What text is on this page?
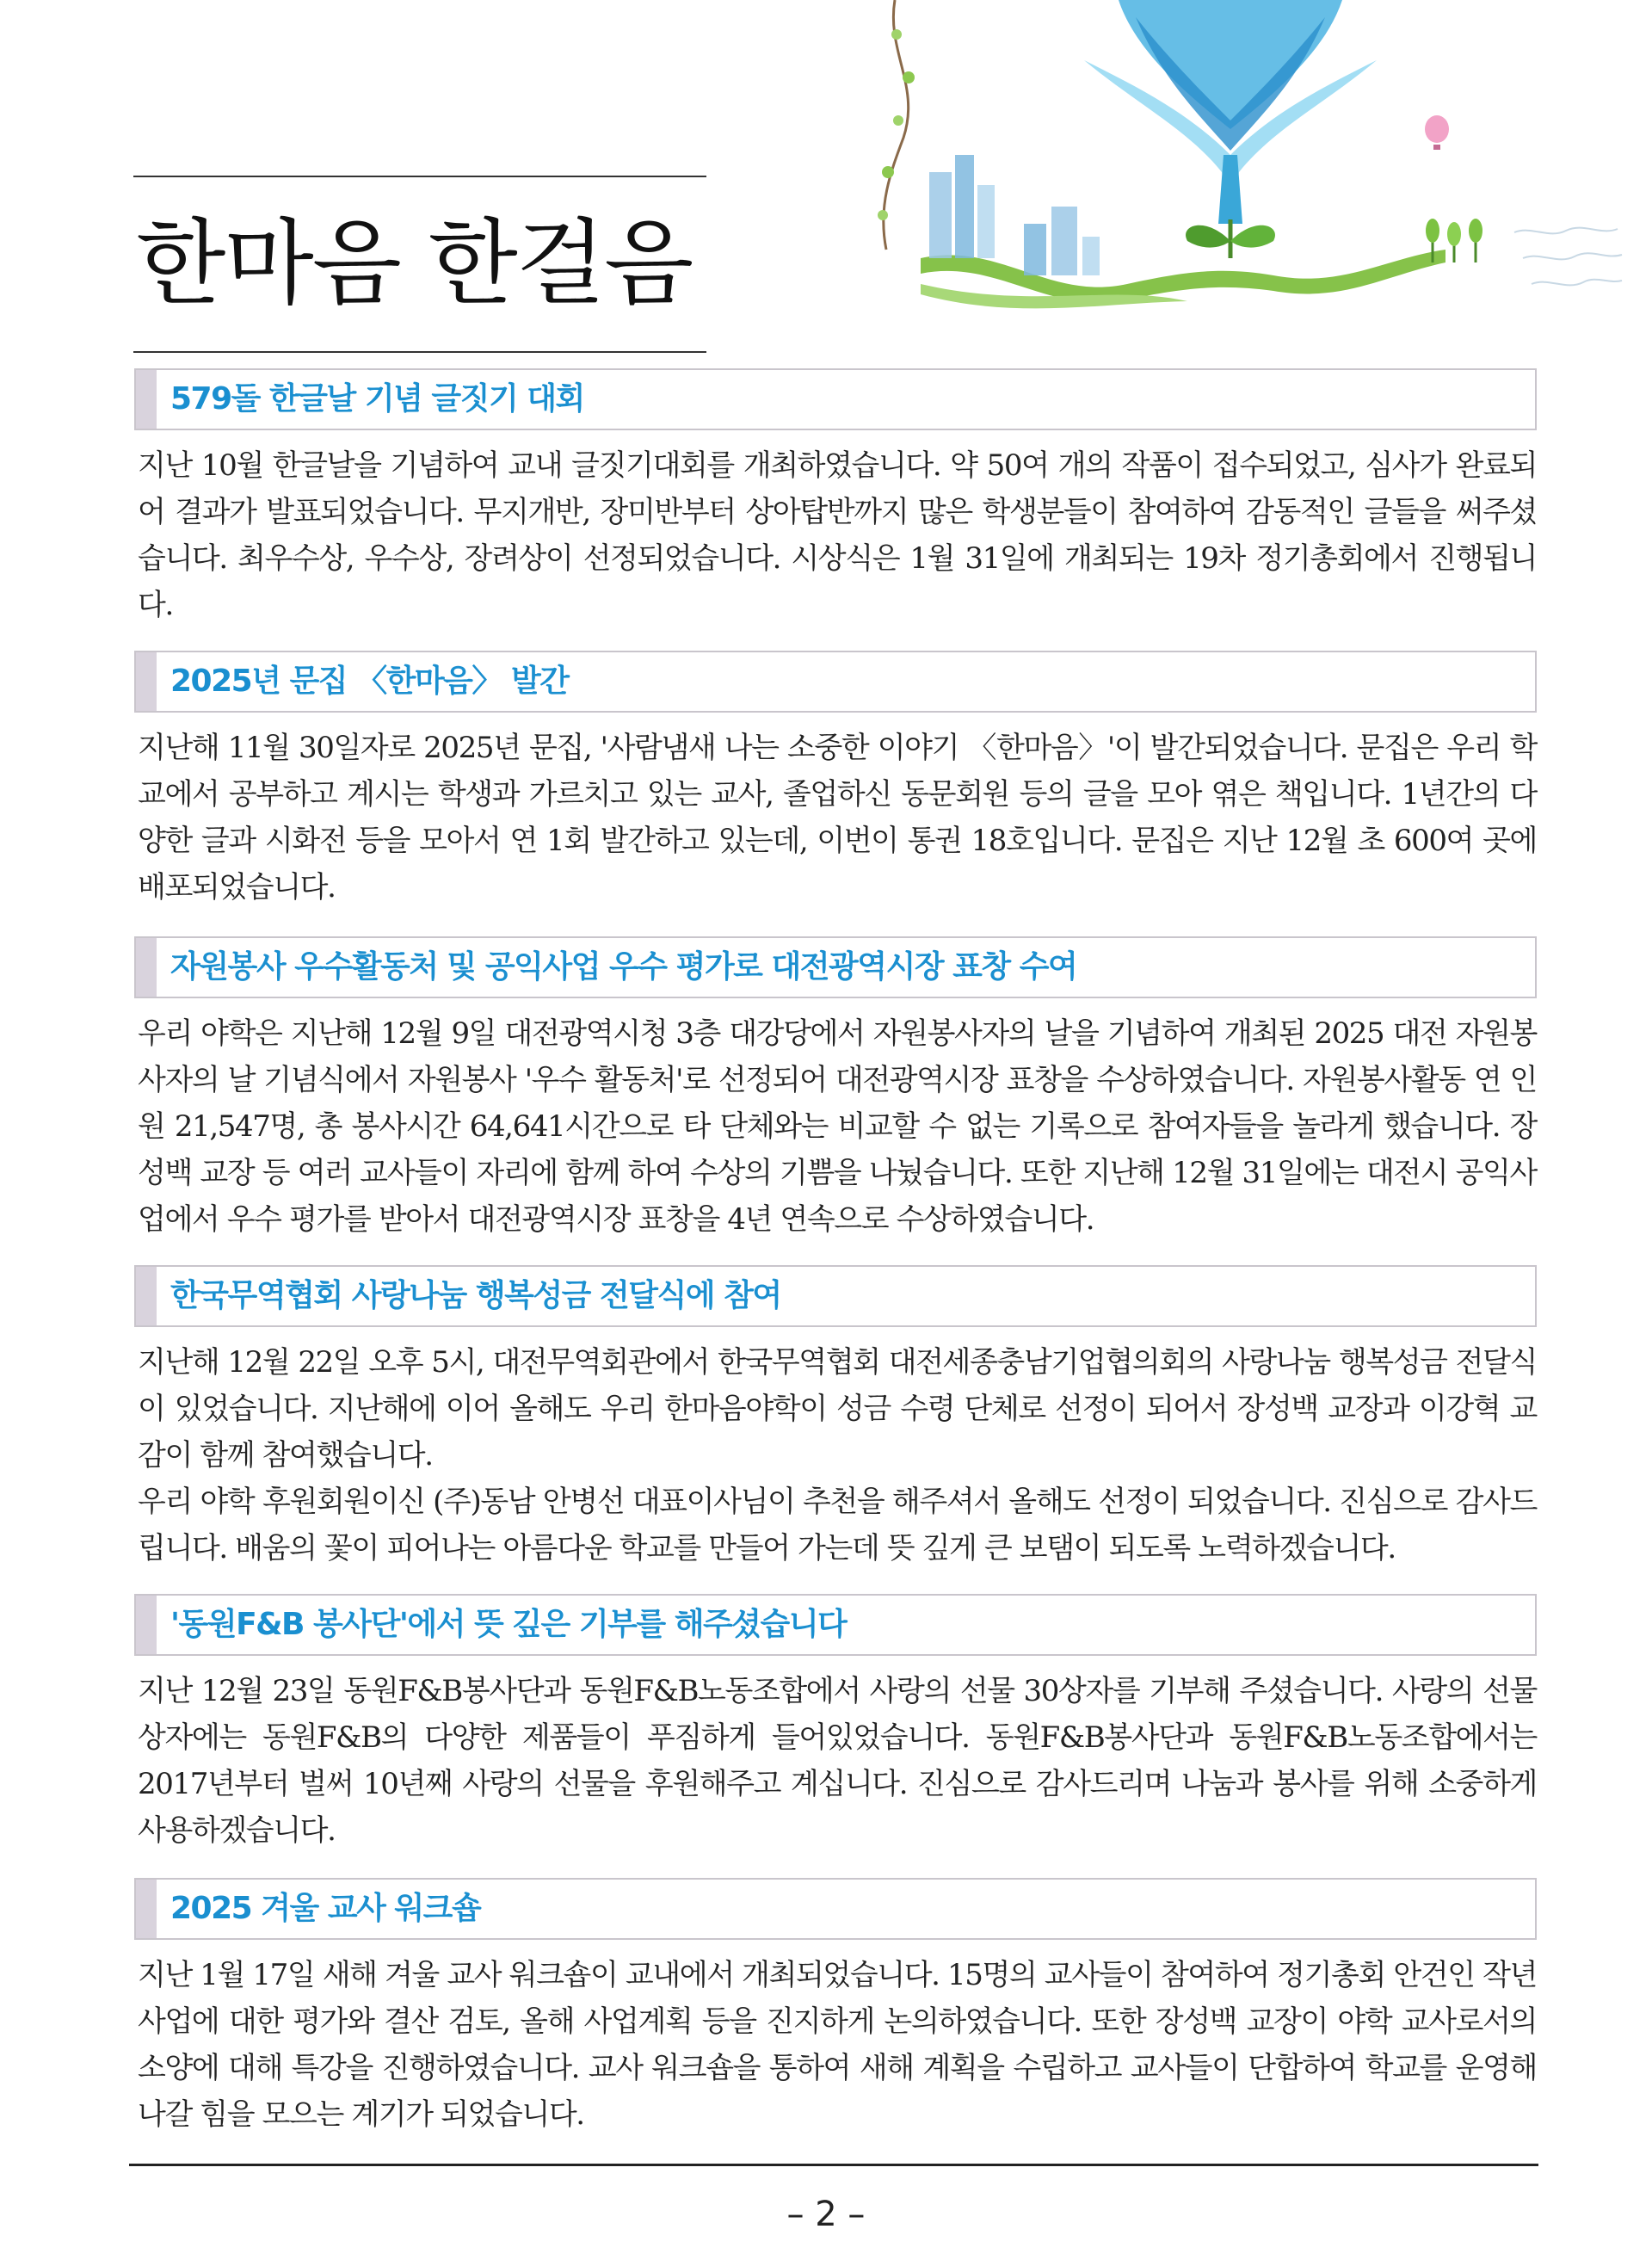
한마음 한걸음
579돌 한글날 기념 글짓기 대회
지난 10월 한글날을 기념하여 교내 글짓기대회를 개최하였습니다. 약 50여 개의 작품이 접수되었고, 심사가 완료되어 결과가 발표되었습니다. 무지개반, 장미반부터 상아탑반까지 많은 학생분들이 참여하여 감동적인 글들을 써주셨습니다. 최우수상, 우수상, 장려상이 선정되었습니다. 시상식은 1월 31일에 개최되는 19차 정기총회에서 진행됩니다.
2025년 문집 〈한마음〉 발간
지난해 11월 30일자로 2025년 문집, '사람냄새 나는 소중한 이야기 〈한마음〉'이 발간되었습니다. 문집은 우리 학교에서 공부하고 계시는 학생과 가르치고 있는 교사, 졸업하신 동문회원 등의 글을 모아 엮은 책입니다. 1년간의 다양한 글과 시화전 등을 모아서 연 1회 발간하고 있는데, 이번이 통권 18호입니다. 문집은 지난 12월 초 600여 곳에 배포되었습니다.
자원봉사 우수활동처 및 공익사업 우수 평가로 대전광역시장 표창 수여
우리 야학은 지난해 12월 9일 대전광역시청 3층 대강당에서 자원봉사자의 날을 기념하여 개최된 2025 대전 자원봉사자의 날 기념식에서 자원봉사 '우수 활동처'로 선정되어 대전광역시장 표창을 수상하였습니다. 자원봉사활동 연 인원 21,547명, 총 봉사시간 64,641시간으로 타 단체와는 비교할 수 없는 기록으로 참여자들을 놀라게 했습니다. 장성백 교장 등 여러 교사들이 자리에 함께 하여 수상의 기쁨을 나눴습니다. 또한 지난해 12월 31일에는 대전시 공익사업에서 우수 평가를 받아서 대전광역시장 표창을 4년 연속으로 수상하였습니다.
한국무역협회 사랑나눔 행복성금 전달식에 참여
지난해 12월 22일 오후 5시, 대전무역회관에서 한국무역협회 대전세종충남기업협의회의 사랑나눔 행복성금 전달식이 있었습니다. 지난해에 이어 올해도 우리 한마음야학이 성금 수령 단체로 선정이 되어서 장성백 교장과 이강혁 교감이 함께 참여했습니다.
우리 야학 후원회원이신 (주)동남 안병선 대표이사님이 추천을 해주셔서 올해도 선정이 되었습니다. 진심으로 감사드립니다. 배움의 꽃이 피어나는 아름다운 학교를 만들어 가는데 뜻 깊게 큰 보탬이 되도록 노력하겠습니다.
'동원F&B 봉사단'에서 뜻 깊은 기부를 해주셨습니다
지난 12월 23일 동원F&B봉사단과 동원F&B노동조합에서 사랑의 선물 30상자를 기부해 주셨습니다. 사랑의 선물상자에는 동원F&B의 다양한 제품들이 푸짐하게 들어있었습니다. 동원F&B봉사단과 동원F&B노동조합에서는 2017년부터 벌써 10년째 사랑의 선물을 후원해주고 계십니다. 진심으로 감사드리며 나눔과 봉사를 위해 소중하게 사용하겠습니다.
2025 겨울 교사 워크숍
지난 1월 17일 새해 겨울 교사 워크숍이 교내에서 개최되었습니다. 15명의 교사들이 참여하여 정기총회 안건인 작년 사업에 대한 평가와 결산 검토, 올해 사업계획 등을 진지하게 논의하였습니다. 또한 장성백 교장이 야학 교사로서의 소양에 대해 특강을 진행하였습니다. 교사 워크숍을 통하여 새해 계획을 수립하고 교사들이 단합하여 학교를 운영해 나갈 힘을 모으는 계기가 되었습니다.
– 2 –
